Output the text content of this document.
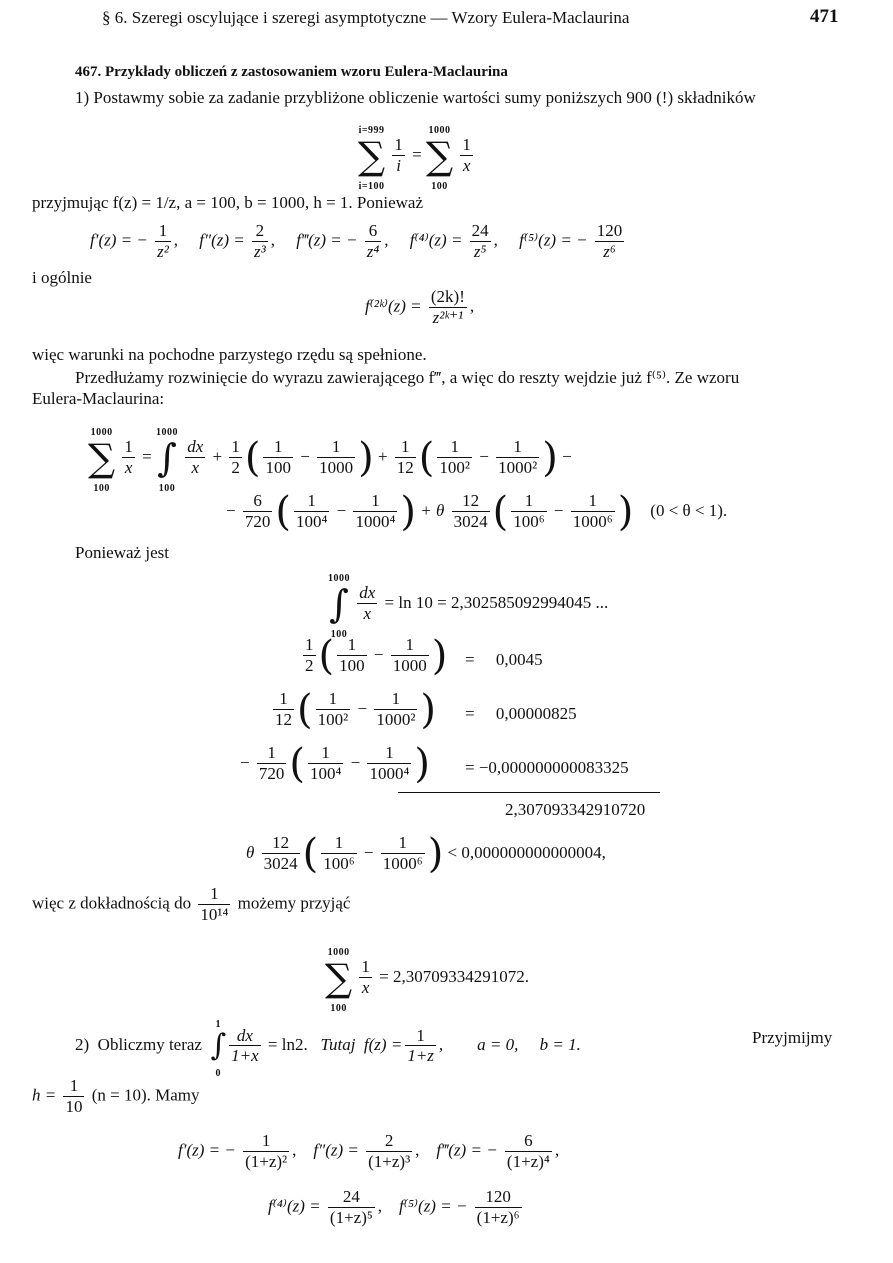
§ 6. Szeregi oscylujące i szeregi asymptotyczne — Wzory Eulera-Maclaurina	471
467. Przykłady obliczeń z zastosowaniem wzoru Eulera-Maclaurina
1) Postawmy sobie za zadanie przybliżone obliczenie wartości sumy poniższych 900 (!) składników
i=999
∑
i=100
$\frac{1}{i} = 1000$
∑
100
$\frac{1}{x}$
przyjmując f(z) = 1/z, a = 100, b = 1000, h = 1. Ponieważ
f′(z) = − $\frac{1}{\text{z²}}$ ,     $f''(z) = \frac{2}{\text{z³}}$ ,     f‴(z) = − $\frac{6}{\text{z⁴}}$ ,     $f^{(4)}(z) = \frac{24}{\text{z⁵}}$ ,     f⁽⁵⁾(z) = − $\frac{120}{\text{z⁶}}$
i ogólnie
f⁽²ᵏ⁾(z) = $\frac{(2k)!}{\text{z²ᵏ⁺¹}}$ ,
więc warunki na pochodne parzystego rzędu są spełnione.
Przedłużamy rozwinięcie do wyrazu zawierającego f‴, a więc do reszty wejdzie już f⁽⁵⁾. Ze wzoru
Eulera-Maclaurina:
1000
∑
100
$\frac{1}{x} = 1000$
∫
100
$\frac{dx}{x} + \frac{1}{2}$ ( $\frac{1}{100} - \frac{1}{1000}$ ) + $\frac{1}{12}$ ( $\frac{1}{\text{100²}} - \frac{1}{\text{1000²}}$ ) −
− $\frac{6}{720}$ ( $\frac{1}{\text{100⁴}} - \frac{1}{\text{1000⁴}}$ ) + θ $\frac{12}{3024}$ ( $\frac{1}{\text{100⁶}} - \frac{1}{\text{1000⁶}}$ ) (0 < θ < 1).
Ponieważ jest
1000
∫
100
$\frac{dx}{x} = \ln 10 = 2,302585092994045$ ...
$\frac{1}{2}$ ( $\frac{1}{100} - \frac{1}{1000}$ ) =     0,0045
$\frac{1}{12}$ ( $\frac{1}{\text{100²}} - \frac{1}{\text{1000²}}$ ) =     0,00000825
− $\frac{1}{720}$ ( $\frac{1}{\text{100⁴}} - \frac{1}{\text{1000⁴}}$ ) = −0,000000000083325
2,307093342910720
θ $\frac{12}{3024}$ ( $\frac{1}{\text{100⁶}} - \frac{1}{\text{1000⁶}}$ ) < 0,000000000000004,
więc z dokładnością do $\frac{1}{\text{10¹⁴}}$ możemy przyjąć
1000
∑
100
$\frac{1}{x} = 2,30709334291072$.
2)  Obliczmy teraz  1
∫
0
$\frac{dx}{1+x} = \ln 2$. Tutaj  $f(z) = \frac{1}{1+z}$ ,        a = 0,     b = 1.	Przyjmijmy
$h = \frac{1}{10} (n = 10)$. Mamy
f′(z) = − $\frac{1}{\text{(1+z)²}}$ ,    $f''(z) = \frac{2}{\text{(1+z)³}}$ ,    f‴(z) = − $\frac{6}{\text{(1+z)⁴}}$ ,
$f^{(4)}(z) = \frac{24}{\text{(1+z)⁵}}$ ,    f⁽⁵⁾(z) = − $\frac{120}{\text{(1+z)⁶}}$
